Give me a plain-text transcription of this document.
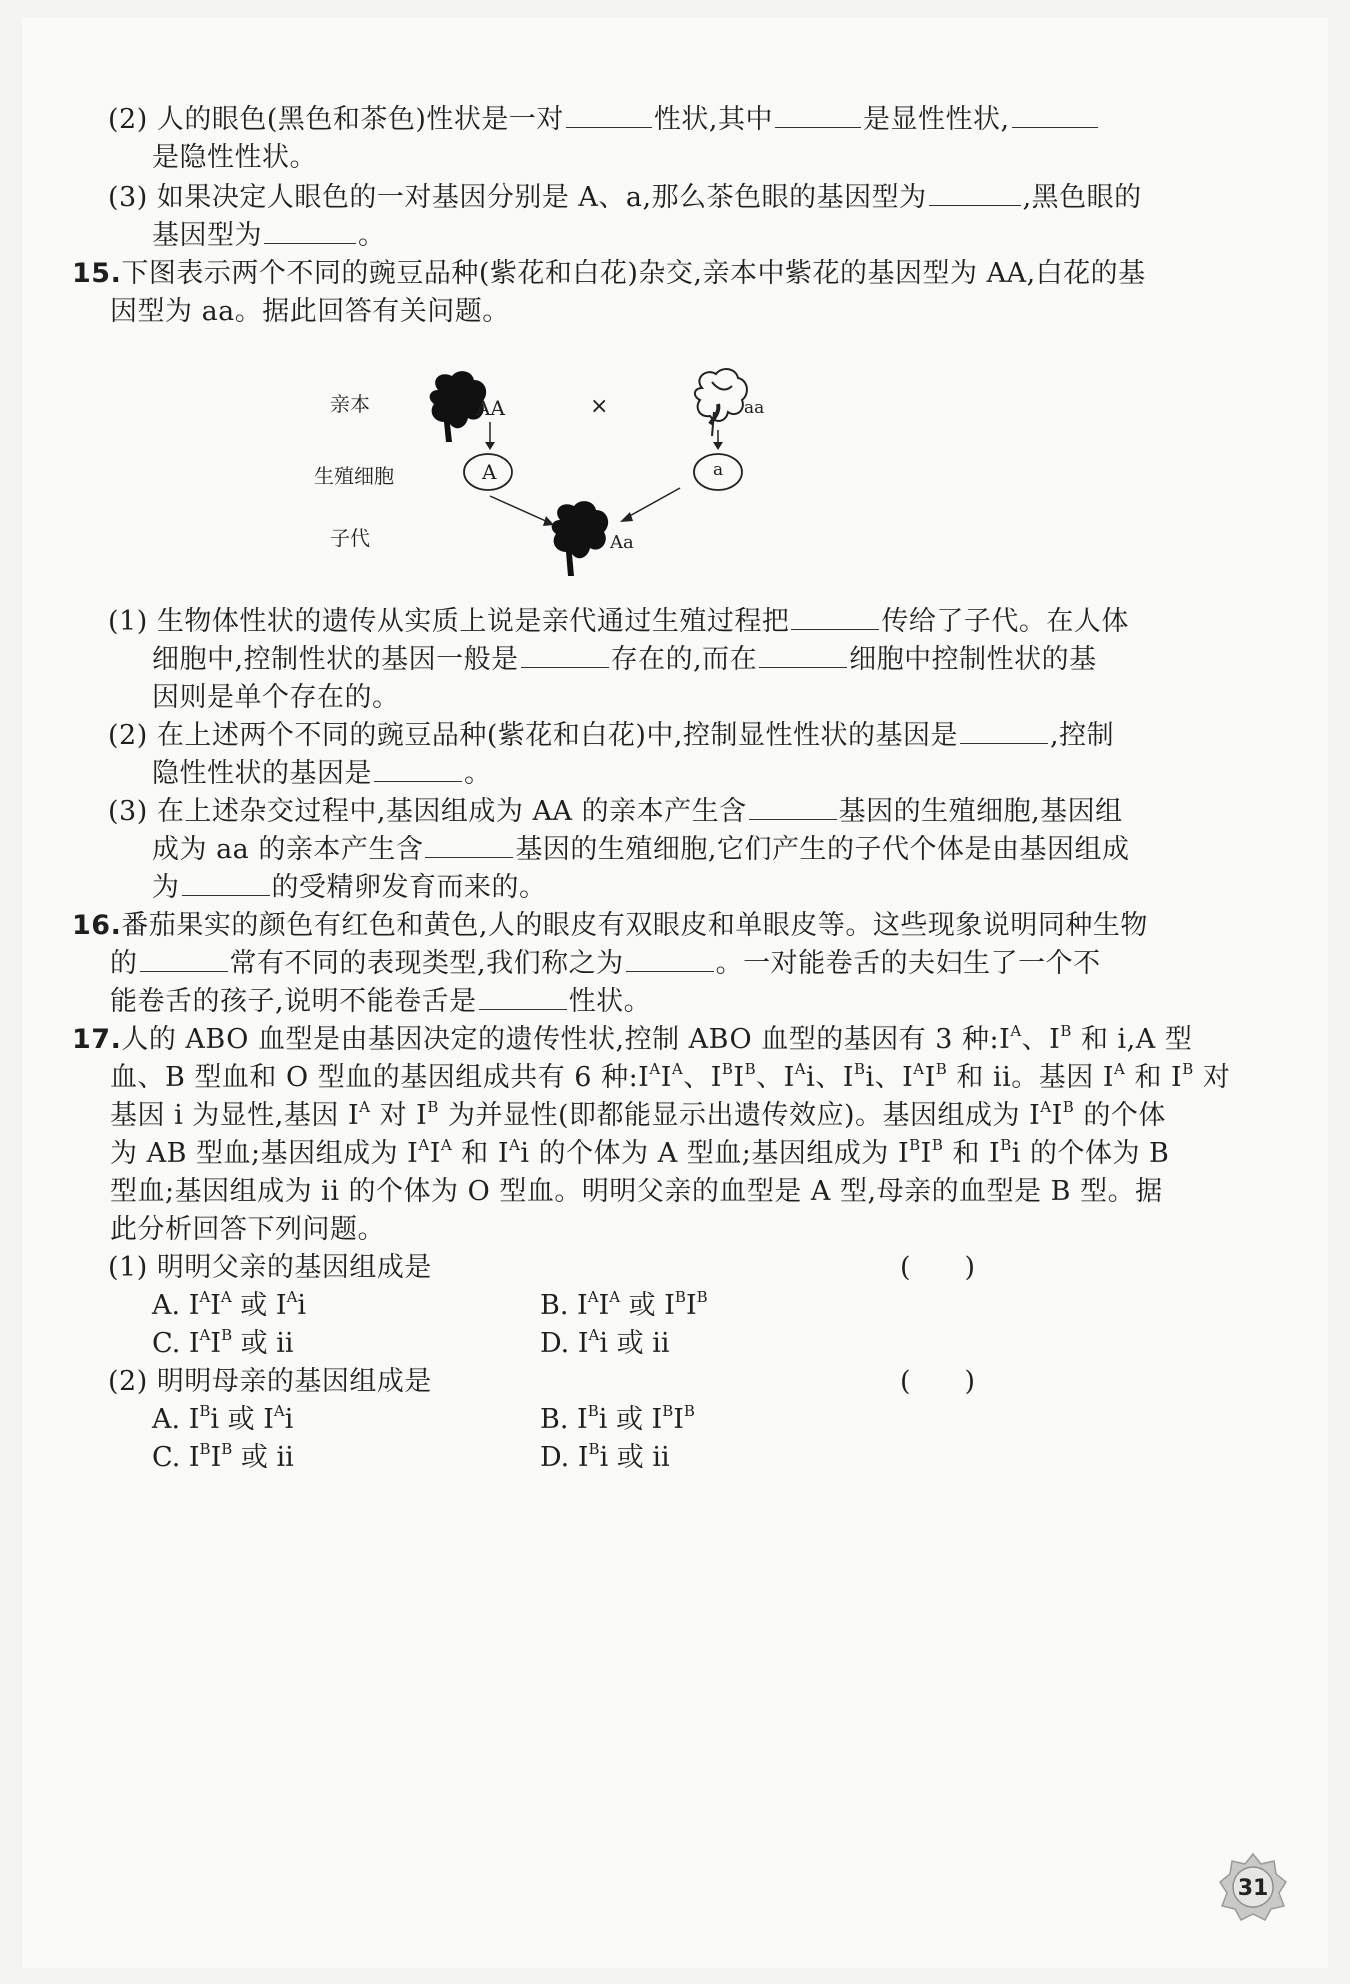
(2) 人的眼色(黑色和茶色)性状是一对	性状,其中	是显性性状,
是隐性性状。
(3) 如果决定人眼色的一对基因分别是 A、a,那么茶色眼的基因型为	,黑色眼的
基因型为	。
15.下图表示两个不同的豌豆品种(紫花和白花)杂交,亲本中紫花的基因型为 AA,白花的基
因型为 aa。据此回答有关问题。
亲本
生殖细胞
子代
AA	×	aa
A	a
Aa
(1) 生物体性状的遗传从实质上说是亲代通过生殖过程把	传给了子代。在人体
细胞中,控制性状的基因一般是	存在的,而在	细胞中控制性状的基
因则是单个存在的。
(2) 在上述两个不同的豌豆品种(紫花和白花)中,控制显性性状的基因是	,控制
隐性性状的基因是	。
(3) 在上述杂交过程中,基因组成为 AA 的亲本产生含	基因的生殖细胞,基因组
成为 aa 的亲本产生含	基因的生殖细胞,它们产生的子代个体是由基因组成
为	的受精卵发育而来的。
16.番茄果实的颜色有红色和黄色,人的眼皮有双眼皮和单眼皮等。这些现象说明同种生物
的	常有不同的表现类型,我们称之为	。一对能卷舌的夫妇生了一个不
能卷舌的孩子,说明不能卷舌是	性状。
17.人的 ABO 血型是由基因决定的遗传性状,控制 ABO 血型的基因有 3 种$:I^A$、$I^B$ 和 i,A 型
血、B 型血和 O 型血的基因组成共有 6 种$:I^AI^A$、$I^BI^B$、$I^Ai$、$I^Bi$、$I^AI^B$ 和 ii。基因 $I^A$ 和 $I^B$ 对
基因 i 为显性,基因 $I^A$ 对 $I^B$ 为并显性(即都能显示出遗传效应)。基因组成为 $I^AI^B$ 的个体
为 AB 型血;基因组成为 $I^AI^A$ 和 $I^Ai$ 的个体为 A 型血;基因组成为 $I^BI^B$ 和 $I^Bi$ 的个体为 B
型血;基因组成为 ii 的个体为 O 型血。明明父亲的血型是 A 型,母亲的血型是 B 型。据
此分析回答下列问题。
(1) 明明父亲的基因组成是	(　　)
A. $I^AI^A$ 或 $I^Ai$	B. $I^AI^A$ 或 $I^BI^B$
C. $I^AI^B$ 或 ii	D. $I^Ai$ 或 ii
(2) 明明母亲的基因组成是	(　　)
A. $I^Bi$ 或 $I^Ai$	B. $I^Bi$ 或 $I^BI^B$
C. $I^BI^B$ 或 ii	D. $I^Bi$ 或 ii
31
